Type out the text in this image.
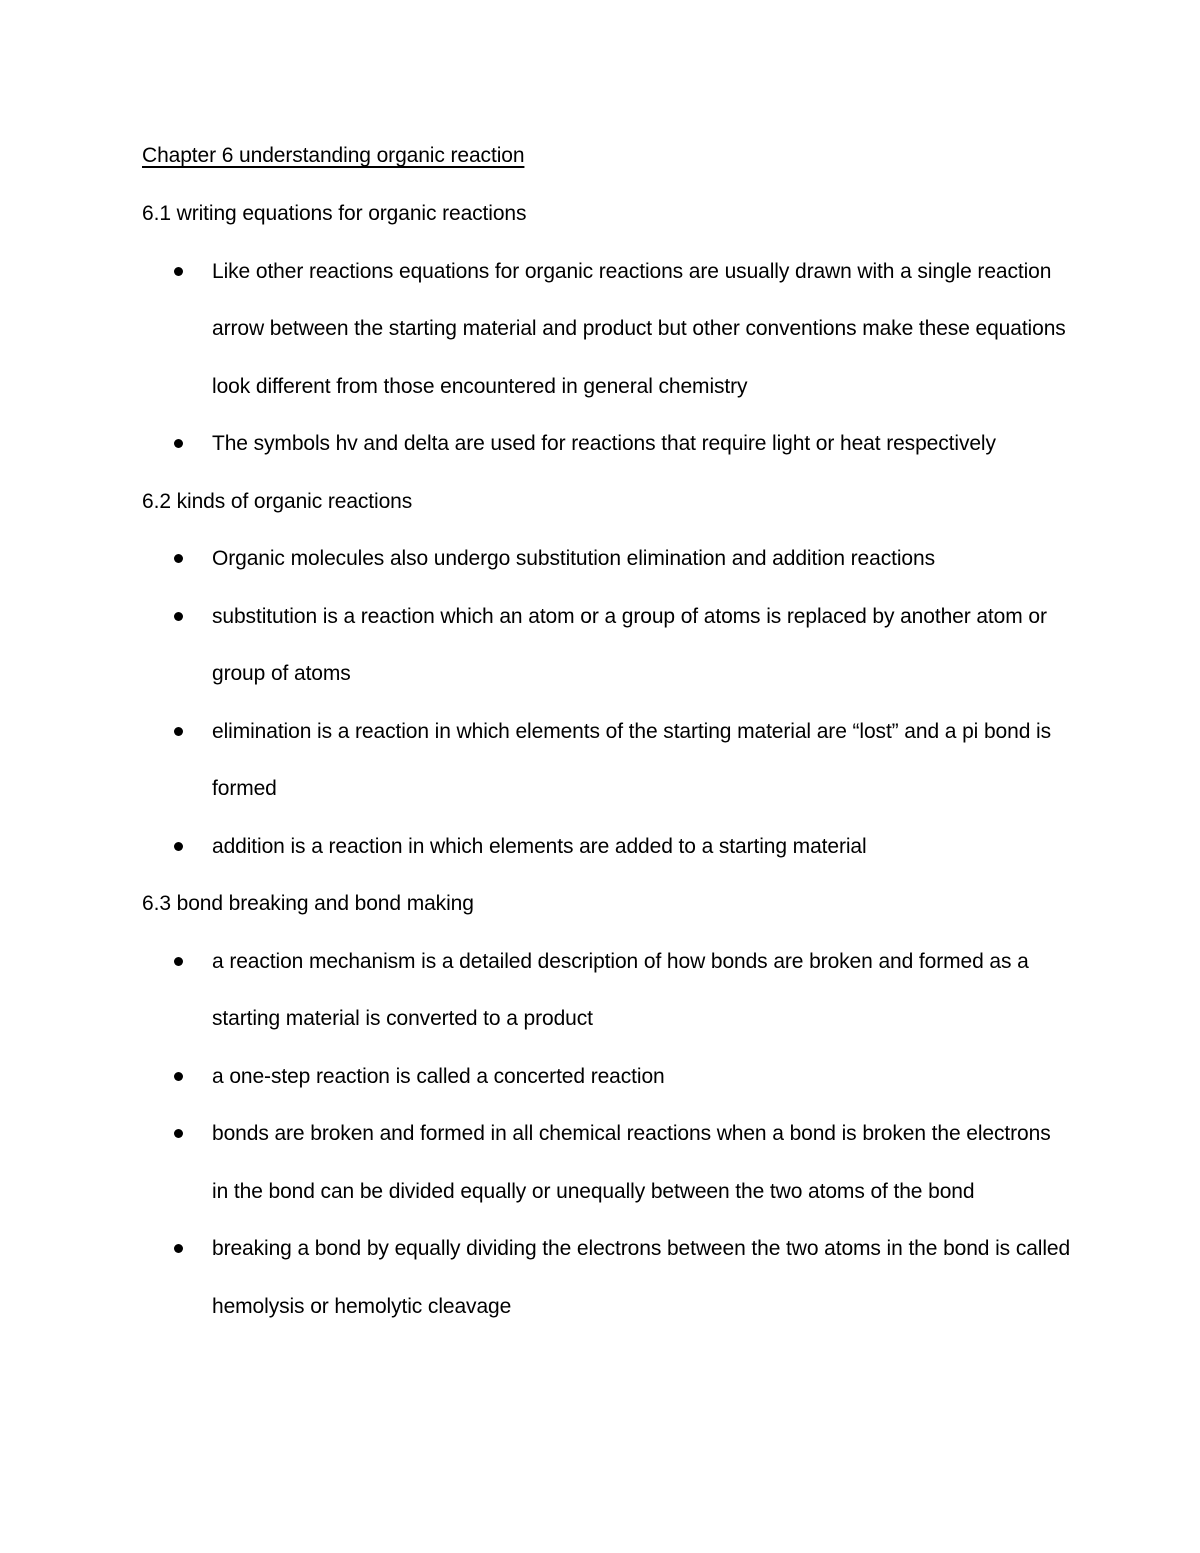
Chapter 6 understanding organic reaction
6.1 writing equations for organic reactions
Like other reactions equations for organic reactions are usually drawn with a single reaction arrow between the starting material and product but other conventions make these equations look different from those encountered in general chemistry
The symbols hv and delta are used for reactions that require light or heat respectively
6.2 kinds of organic reactions
Organic molecules also undergo substitution elimination and addition reactions
substitution is a reaction which an atom or a group of atoms is replaced by another atom or group of atoms
elimination is a reaction in which elements of the starting material are “lost” and a pi bond is formed
addition is a reaction in which elements are added to a starting material
6.3 bond breaking and bond making
a reaction mechanism is a detailed description of how bonds are broken and formed as a starting material is converted to a product
a one-step reaction is called a concerted reaction
bonds are broken and formed in all chemical reactions when a bond is broken the electrons in the bond can be divided equally or unequally between the two atoms of the bond
breaking a bond by equally dividing the electrons between the two atoms in the bond is called hemolysis or hemolytic cleavage
